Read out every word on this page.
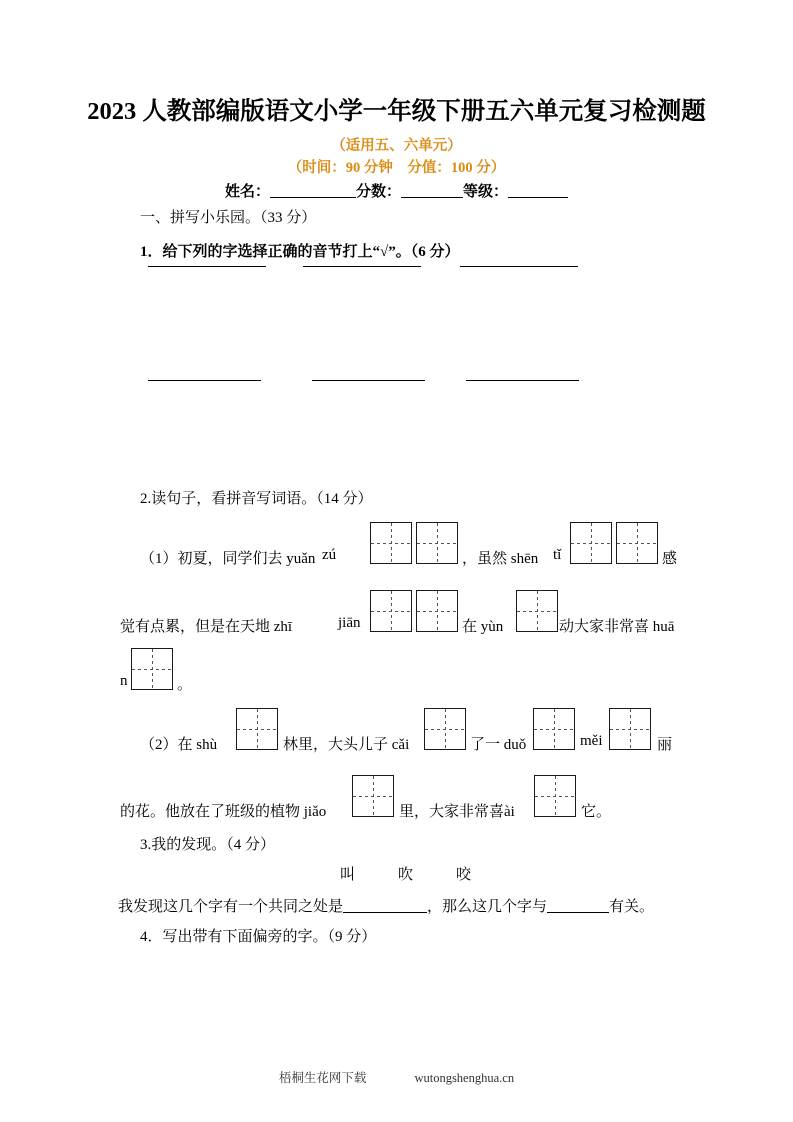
2023 人教部编版语文小学一年级下册五六单元复习检测题
（适用五、六单元）
（时间：90 分钟　分值：100 分）
姓名：	分数：	等级：
一、拼写小乐园。（33 分）
1．给下列的字选择正确的音节打上“√”。（6 分）
2.读句子，看拼音写词语。（14 分）
（1）初夏，同学们去 yuǎn zú	，虽然 shēn tǐ	感
觉有点累，但是在天地 zhī	jiān	在 yùn	动大家非常喜 huā
n	。
（2）在 shù	林里，大头儿子 cǎi	了一 duǒ	měi	丽
的花。他放在了班级的植物 jiǎo	里，大家非常喜ài	它。
3.我的发现。（4 分）
叫　吹　咬
我发现这几个字有一个共同之处是	，那么这几个字与	有关。
4．写出带有下面偏旁的字。（9 分）
梧桐生花网下载	wutongshenghua.cn
